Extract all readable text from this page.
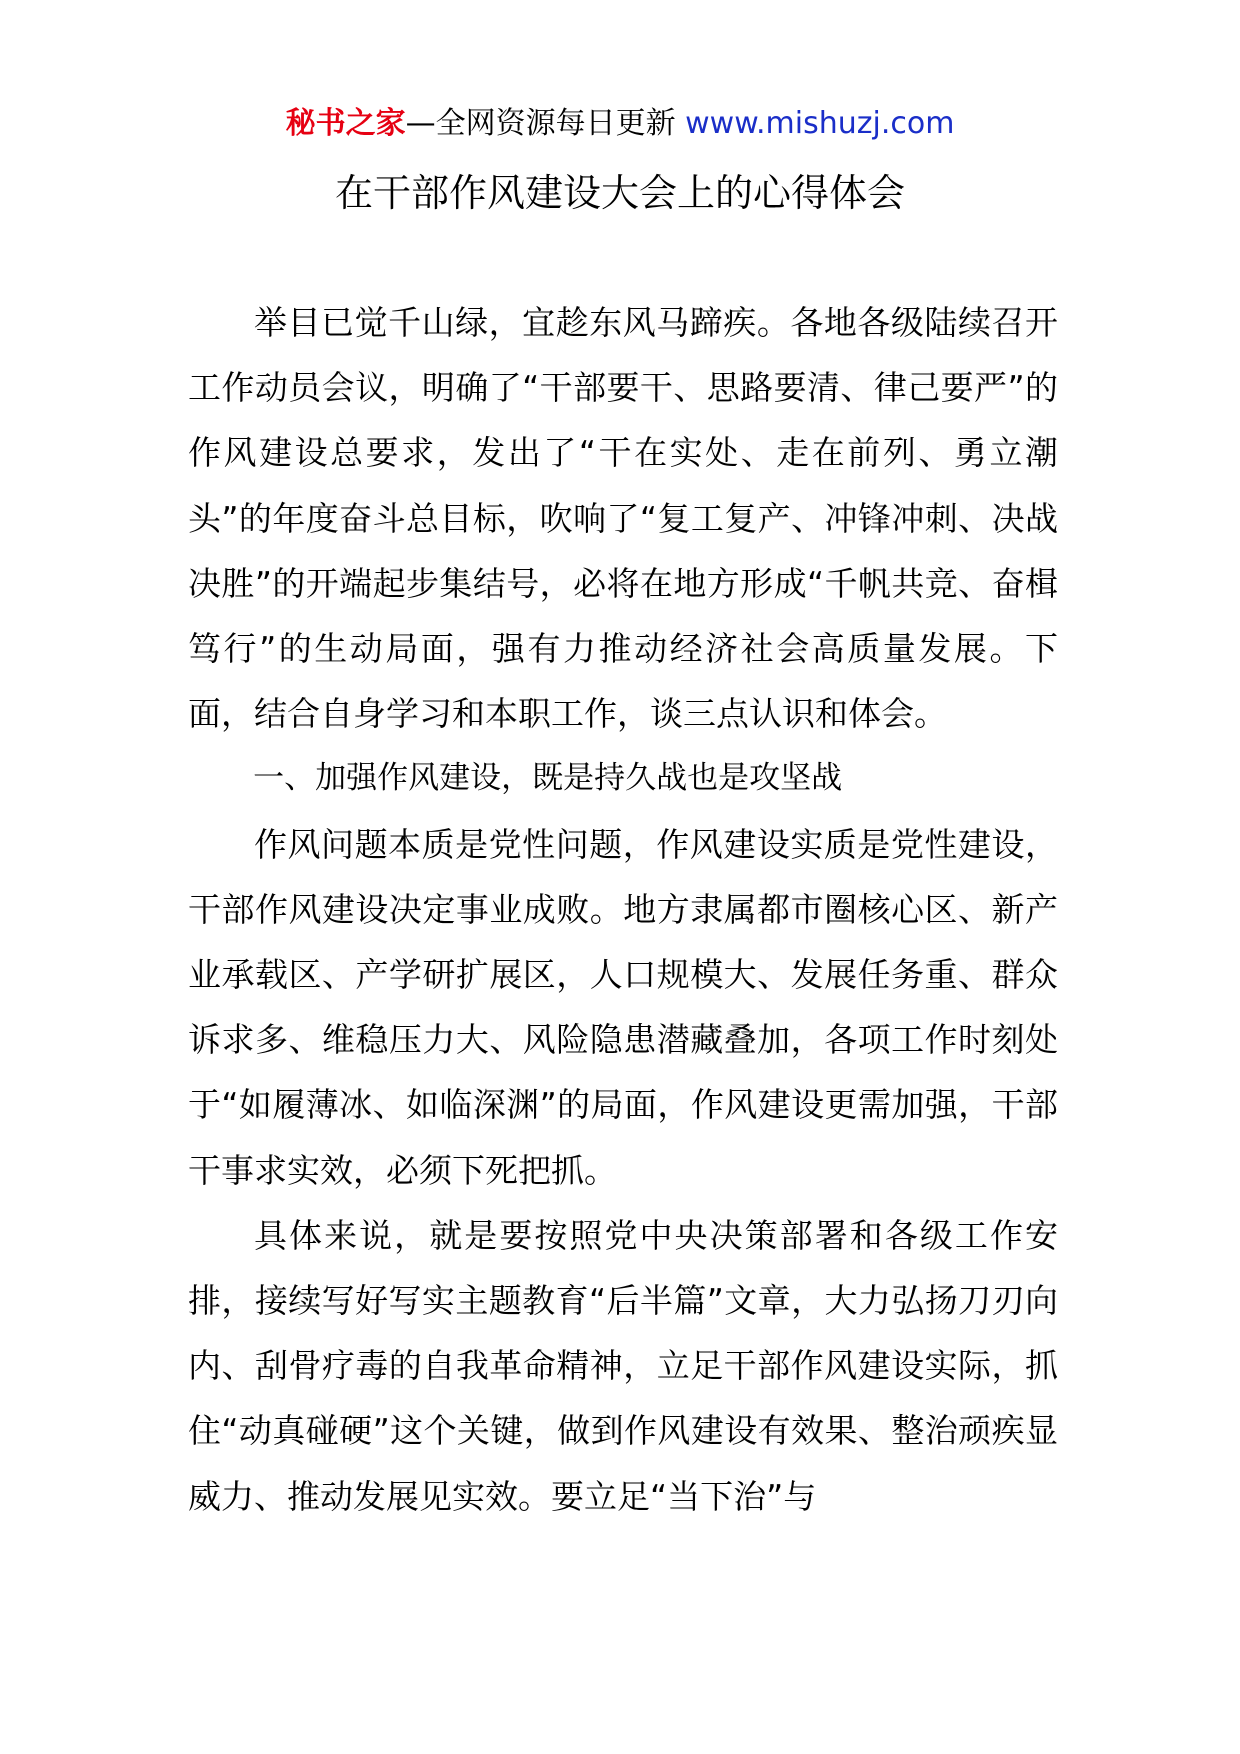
秘书之家—全网资源每日更新 www.mishuzj.com
在干部作风建设大会上的心得体会

举目已觉千山绿，宜趁东风马蹄疾。各地各级陆续召开工作动员会议，明确了“干部要干、思路要清、律己要严”的作风建设总要求，发出了“干在实处、走在前列、勇立潮头”的年度奋斗总目标，吹响了“复工复产、冲锋冲刺、决战决胜”的开端起步集结号，必将在地方形成“千帆共竞、奋楫笃行”的生动局面，强有力推动经济社会高质量发展。下面，结合自身学习和本职工作，谈三点认识和体会。

一、加强作风建设，既是持久战也是攻坚战

作风问题本质是党性问题，作风建设实质是党性建设，干部作风建设决定事业成败。地方隶属都市圈核心区、新产业承载区、产学研扩展区，人口规模大、发展任务重、群众诉求多、维稳压力大、风险隐患潜藏叠加，各项工作时刻处于“如履薄冰、如临深渊”的局面，作风建设更需加强，干部干事求实效，必须下死把抓。

具体来说，就是要按照党中央决策部署和各级工作安排，接续写好写实主题教育“后半篇”文章，大力弘扬刀刃向内、刮骨疗毒的自我革命精神，立足干部作风建设实际，抓住“动真碰硬”这个关键，做到作风建设有效果、整治顽疾显威力、推动发展见实效。要立足“当下治”与
